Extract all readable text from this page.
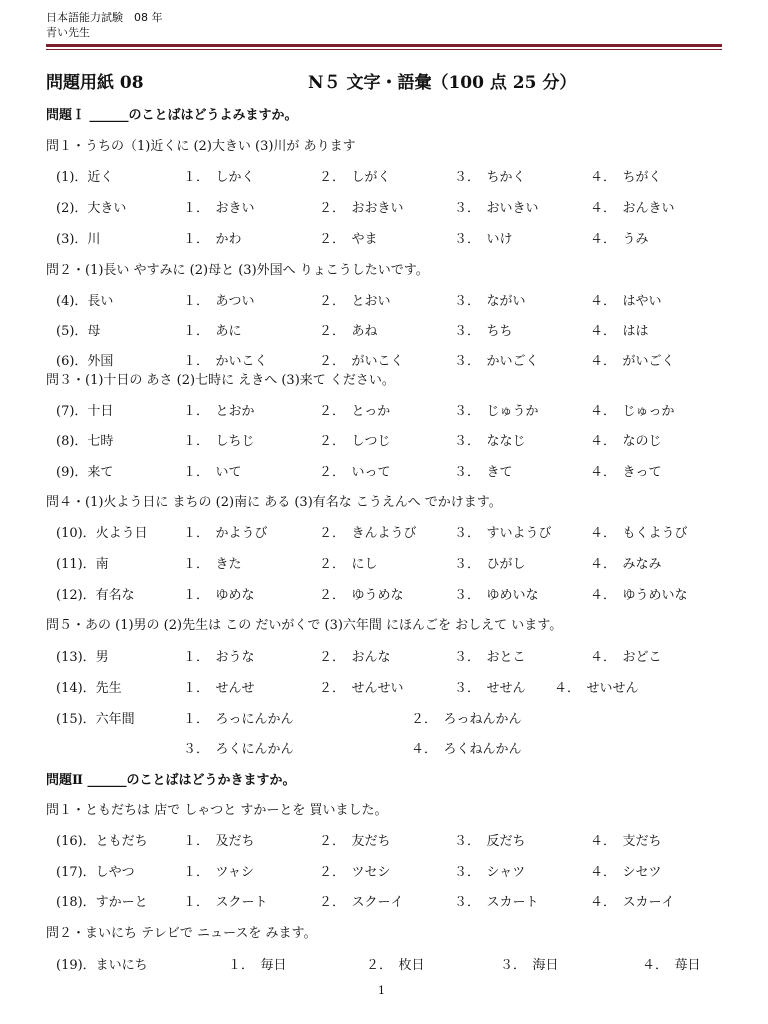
日本語能力試験　08 年
青い先生
問題用紙 08	N５ 文字・語彙（100 点 25 分）
問題Ｉ ______のことばはどうよみますか。
問１・うちの（1)近くに (2)大きい (3)川が あります
(1)．近く	１．　しかく	２．　しがく	３．　ちかく	４．　ちがく
(2)．大きい	１．　おきい	２．　おおきい	３．　おいきい	４．　おんきい
(3)．川	１．　かわ	２．　やま	３．　いけ	４．　うみ
問２・(1)長い やすみに (2)母と (3)外国へ りょこうしたいです。
(4)．長い	１．　あつい	２．　とおい	３．　ながい	４．　はやい
(5)．母	１．　あに	２．　あね	３．　ちち	４．　はは
(6)．外国	１．　かいこく	２．　がいこく	３．　かいごく	４．　がいごく
問３・(1)十日の あさ (2)七時に えきへ (3)来て ください。
(7)．十日	１．　とおか	２．　とっか	３．　じゅうか	４．　じゅっか
(8)．七時	１．　しちじ	２．　しつじ	３．　ななじ	４．　なのじ
(9)．来て	１．　いて	２．　いって	３．　きて	４．　きって
問４・(1)火よう日に まちの (2)南に ある (3)有名な こうえんへ でかけます。
(10)．火よう日	１．　かようび	２．　きんようび	３．　すいようび	４．　もくようび
(11)．南	１．　きた	２．　にし	３．　ひがし	４．　みなみ
(12)．有名な	１．　ゆめな	２．　ゆうめな	３．　ゆめいな	４．　ゆうめいな
問５・あの (1)男の (2)先生は この だいがくで (3)六年間 にほんごを おしえて います。
(13)．男	１．　おうな	２．　おんな	３．　おとこ	４．　おどこ
(14)．先生	１．　せんせ	２．　せんせい	３．　せせん ４．　せいせん
(15)．六年間	１．　ろっにんかん	２．　ろっねんかん
３．　ろくにんかん	４．　ろくねんかん
問題Ⅱ ______のことばはどうかきますか。
問１・ともだちは 店で しゃつと すかーとを 買いました。
(16)．ともだち	１．　及だち	２．　友だち	３．　反だち	４．　支だち
(17)．しやつ	１．　ツャシ	２．　ツセシ	３．　シャツ	４．　シセツ
(18)．すかーと	１．　スクート	２．　スクーイ	３．　スカート	４．　スカーイ
問２・まいにち テレビで ニュースを みます。
(19)．まいにち	１．　毎日	２．　枚日	３．　海日	４．　苺日
1
